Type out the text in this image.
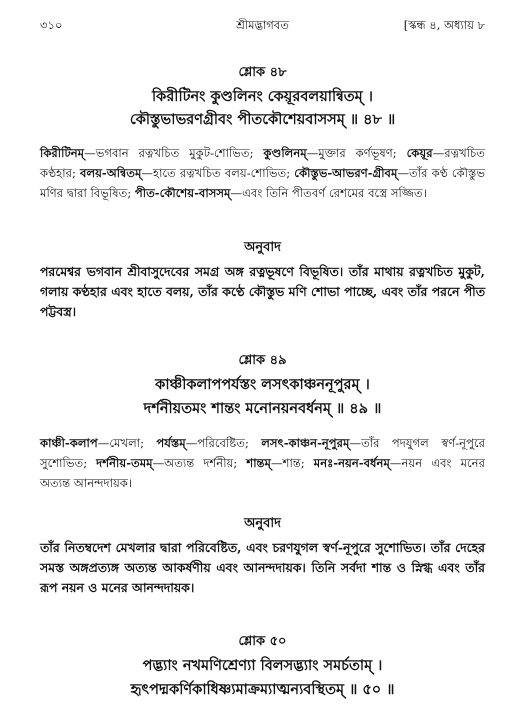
৩১০	শ্রীমদ্ভাগবত	[স্কন্ধ ৪, অধ্যায় ৮
শ্লোক ৪৮
কিরীটিনং কুণ্ডলিনং কেয়ূরবলয়ান্বিতম্ ।
কৌস্তুভাভরণগ্রীবং পীতকৌশেয়বাসসম্ ॥ ৪৮ ॥
কিরীটিনম্—ভগবান রত্নখচিত মুকুট-শোভিত; কুণ্ডলিনম্—মুক্তার কর্ণভূষণ; কেয়ূর—রত্নখচিত কণ্ঠহার; বলয়-অন্বিতম্—হাতে রত্নখচিত বলয়-শোভিত; কৌস্তুভ-আভরণ-গ্রীবম্—তাঁর কণ্ঠ কৌস্তুভ মণির দ্বারা বিভূষিত; পীত-কৌশেয়-বাসসম্—এবং তিনি পীতবর্ণ রেশমের বস্ত্রে সজ্জিত।
অনুবাদ
পরমেশ্বর ভগবান শ্রীবাসুদেবের সমগ্র অঙ্গ রত্নভূষণে বিভূষিত। তাঁর মাথায় রত্নখচিত মুকুট, গলায় কণ্ঠহার এবং হাতে বলয়, তাঁর কণ্ঠে কৌস্তুভ মণি শোভা পাচ্ছে, এবং তাঁর পরনে পীত পট্টবস্ত্র।
শ্লোক ৪৯
কাঞ্চীকলাপপর্যস্তং লসৎকাঞ্চননূপুরম্ ।
দর্শনীয়তমং শান্তং মনোনয়নবর্ধনম্ ॥ ৪৯ ॥
কাঞ্চী-কলাপ—মেখলা; পর্যস্তম্—পরিবেষ্টিত; লসৎ-কাঞ্চন-নূপুরম্—তাঁর পদযুগল স্বর্ণ-নূপুরে সুশোভিত; দর্শনীয়-তমম্—অত্যন্ত দর্শনীয়; শান্তম্—শান্ত; মনঃ-নয়ন-বর্ধনম্—নয়ন এবং মনের অত্যন্ত আনন্দদায়ক।
অনুবাদ
তাঁর নিতম্বদেশ মেখলার দ্বারা পরিবেষ্টিত, এবং চরণযুগল স্বর্ণ-নূপুরে সুশোভিত। তাঁর দেহের সমস্ত অঙ্গপ্রত্যঙ্গ অত্যন্ত আকর্ষণীয় এবং আনন্দদায়ক। তিনি সর্বদা শান্ত ও স্নিগ্ধ এবং তাঁর রূপ নয়ন ও মনের আনন্দদায়ক।
শ্লোক ৫০
পদ্ভ্যাং নখমণিশ্রেণ্যা বিলসদ্ভ্যাং সমর্চতাম্ ।
হৃৎপদ্মকর্ণিকাধিষ্ণ্যমাক্রম্যাত্মন্যবস্থিতম্ ॥ ৫০ ॥
